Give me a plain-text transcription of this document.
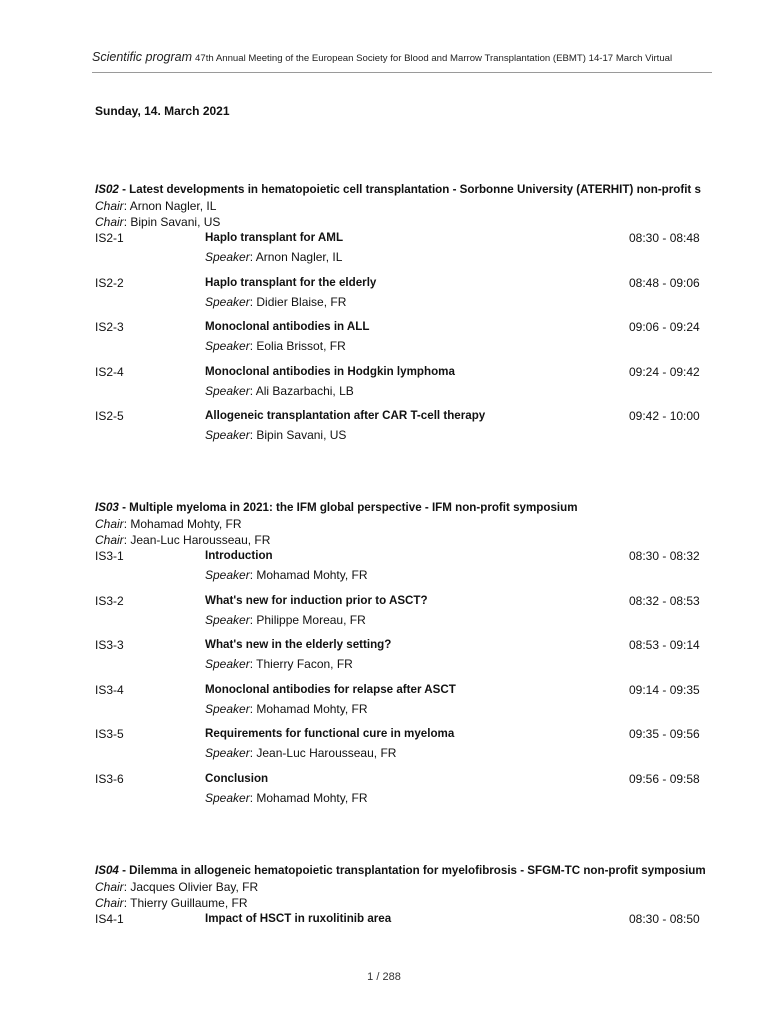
Scientific program 47th Annual Meeting of the European Society for Blood and Marrow Transplantation (EBMT) 14-17 March Virtual
Sunday, 14. March 2021
IS02 - Latest developments in hematopoietic cell transplantation - Sorbonne University (ATERHIT) non-profit s
Chair: Arnon Nagler, IL
Chair: Bipin Savani, US
IS2-1	Haplo transplant for AML	08:30 - 08:48
Speaker: Arnon Nagler, IL
IS2-2	Haplo transplant for the elderly	08:48 - 09:06
Speaker: Didier Blaise, FR
IS2-3	Monoclonal antibodies in ALL	09:06 - 09:24
Speaker: Eolia Brissot, FR
IS2-4	Monoclonal antibodies in Hodgkin lymphoma	09:24 - 09:42
Speaker: Ali Bazarbachi, LB
IS2-5	Allogeneic transplantation after CAR T-cell therapy	09:42 - 10:00
Speaker: Bipin Savani, US
IS03 - Multiple myeloma in 2021: the IFM global perspective - IFM non-profit symposium
Chair: Mohamad Mohty, FR
Chair: Jean-Luc Harousseau, FR
IS3-1	Introduction	08:30 - 08:32
Speaker: Mohamad Mohty, FR
IS3-2	What's new for induction prior to ASCT?	08:32 - 08:53
Speaker: Philippe Moreau, FR
IS3-3	What's new in the elderly setting?	08:53 - 09:14
Speaker: Thierry Facon, FR
IS3-4	Monoclonal antibodies for relapse after ASCT	09:14 - 09:35
Speaker: Mohamad Mohty, FR
IS3-5	Requirements for functional cure in myeloma	09:35 - 09:56
Speaker: Jean-Luc Harousseau, FR
IS3-6	Conclusion	09:56 - 09:58
Speaker: Mohamad Mohty, FR
IS04 - Dilemma in allogeneic hematopoietic transplantation for myelofibrosis - SFGM-TC non-profit symposium
Chair: Jacques Olivier Bay, FR
Chair: Thierry Guillaume, FR
IS4-1	Impact of HSCT in ruxolitinib area	08:30 - 08:50
1 / 288
